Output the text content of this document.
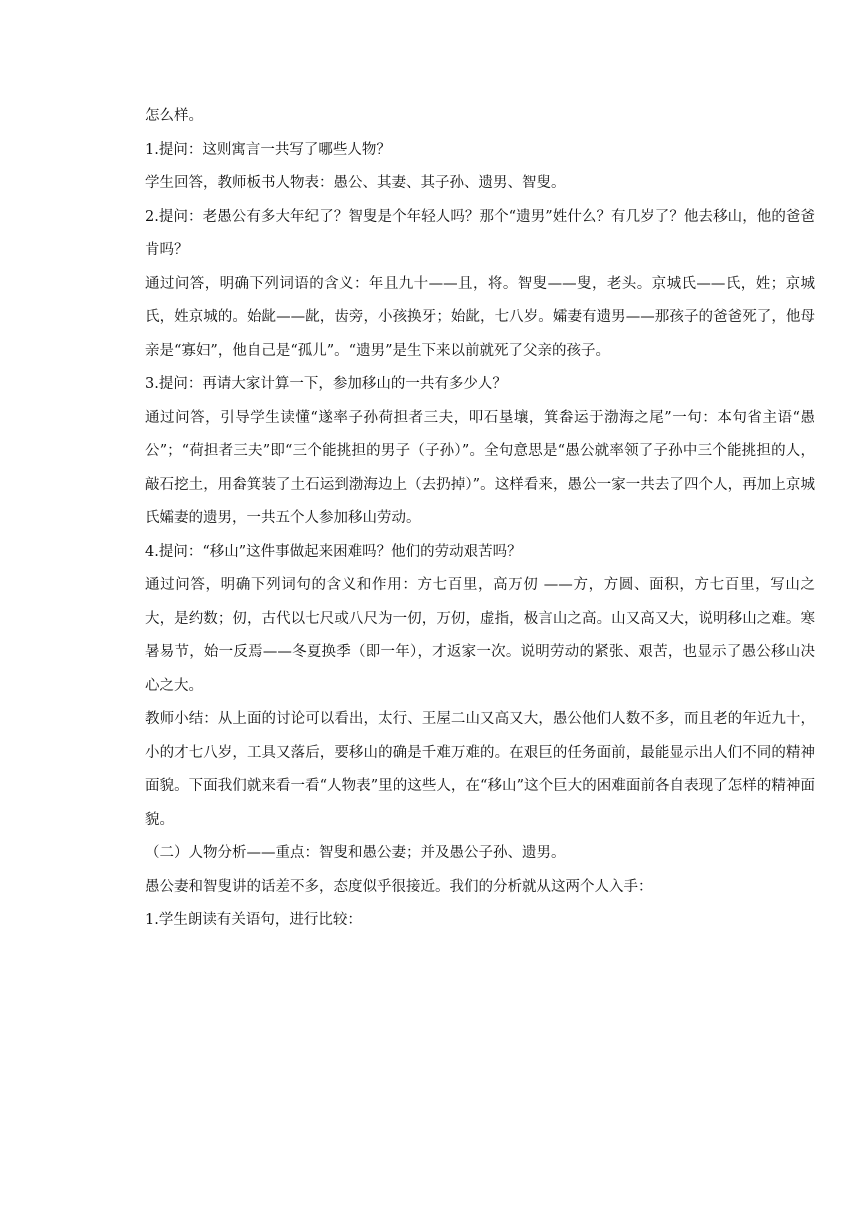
怎么样。

1.提问：这则寓言一共写了哪些人物？

学生回答，教师板书人物表：愚公、其妻、其子孙、遗男、智叟。

2.提问：老愚公有多大年纪了？智叟是个年轻人吗？那个“遗男”姓什么？有几岁了？他去移山，他的爸爸肯吗？

通过问答，明确下列词语的含义：年且九十——且，将。智叟——叟，老头。京城氏——氏，姓；京城氏，姓京城的。始龀——龀，齿旁，小孩换牙；始龀，七八岁。孀妻有遗男——那孩子的爸爸死了，他母亲是“寡妇”，他自己是“孤儿”。“遗男”是生下来以前就死了父亲的孩子。

3.提问：再请大家计算一下，参加移山的一共有多少人？

通过问答，引导学生读懂“遂率子孙荷担者三夫，叩石垦壤，箕畚运于渤海之尾”一句：本句省主语“愚公”；“荷担者三夫”即“三个能挑担的男子（子孙）”。全句意思是“愚公就率领了子孙中三个能挑担的人，敲石挖土，用畚箕装了土石运到渤海边上（去扔掉）”。这样看来，愚公一家一共去了四个人，再加上京城氏孀妻的遗男，一共五个人参加移山劳动。

4.提问：“移山”这件事做起来困难吗？他们的劳动艰苦吗？

通过问答，明确下列词句的含义和作用：方七百里，高万仞 ——方，方圆、面积，方七百里，写山之大，是约数；仞，古代以七尺或八尺为一仞，万仞，虚指，极言山之高。山又高又大，说明移山之难。寒暑易节，始一反焉——冬夏换季（即一年），才返家一次。说明劳动的紧张、艰苦，也显示了愚公移山决心之大。

教师小结：从上面的讨论可以看出，太行、王屋二山又高又大，愚公他们人数不多，而且老的年近九十，小的才七八岁，工具又落后，要移山的确是千难万难的。在艰巨的任务面前，最能显示出人们不同的精神面貌。下面我们就来看一看“人物表”里的这些人，在“移山”这个巨大的困难面前各自表现了怎样的精神面貌。

（二）人物分析——重点：智叟和愚公妻；并及愚公子孙、遗男。

愚公妻和智叟讲的话差不多，态度似乎很接近。我们的分析就从这两个人入手：

1.学生朗读有关语句，进行比较：
